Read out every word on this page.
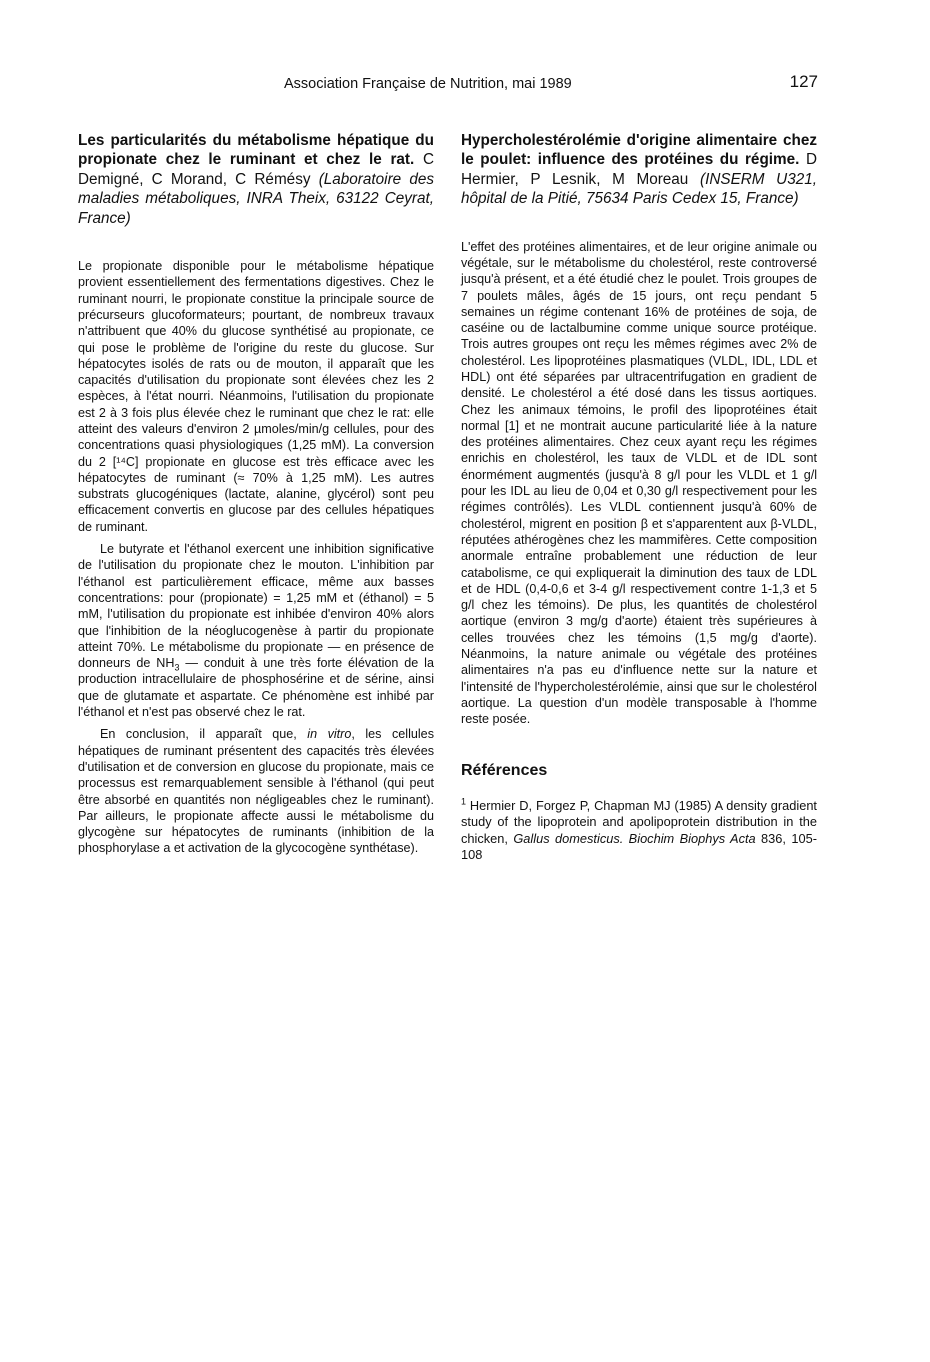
Association Française de Nutrition, mai 1989	127

Les particularités du métabolisme hépatique du propionate chez le ruminant et chez le rat. C Demigné, C Morand, C Rémésy (Laboratoire des maladies métaboliques, INRA Theix, 63122 Ceyrat, France)

Le propionate disponible pour le métabolisme hépatique provient essentiellement des fermentations digestives. Chez le ruminant nourri, le propionate constitue la principale source de précurseurs glucoformateurs; pourtant, de nombreux travaux n'attribuent que 40% du glucose synthétisé au propionate, ce qui pose le problème de l'origine du reste du glucose. Sur hépatocytes isolés de rats ou de mouton, il apparaît que les capacités d'utilisation du propionate sont élevées chez les 2 espèces, à l'état nourri. Néanmoins, l'utilisation du propionate est 2 à 3 fois plus élevée chez le ruminant que chez le rat: elle atteint des valeurs d'environ 2 µmoles/min/g cellules, pour des concentrations quasi physiologiques (1,25 mM). La conversion du 2 [¹⁴C] propionate en glucose est très efficace avec les hépatocytes de ruminant (≈ 70% à 1,25 mM). Les autres substrats glucogéniques (lactate, alanine, glycérol) sont peu efficacement convertis en glucose par des cellules hépatiques de ruminant.

Le butyrate et l'éthanol exercent une inhibition significative de l'utilisation du propionate chez le mouton. L'inhibition par l'éthanol est particulièrement efficace, même aux basses concentrations: pour (propionate) = 1,25 mM et (éthanol) = 5 mM, l'utilisation du propionate est inhibée d'environ 40% alors que l'inhibition de la néoglucogenèse à partir du propionate atteint 70%. Le métabolisme du propionate — en présence de donneurs de $NH_3$ — conduit à une très forte élévation de la production intracellulaire de phosphosérine et de sérine, ainsi que de glutamate et aspartate. Ce phénomène est inhibé par l'éthanol et n'est pas observé chez le rat.

En conclusion, il apparaît que, in vitro, les cellules hépatiques de ruminant présentent des capacités très élevées d'utilisation et de conversion en glucose du propionate, mais ce processus est remarquablement sensible à l'éthanol (qui peut être absorbé en quantités non négligeables chez le ruminant). Par ailleurs, le propionate affecte aussi le métabolisme du glycogène sur hépatocytes de ruminants (inhibition de la phosphorylase a et activation de la glycocogène synthétase).

Hypercholestérolémie d'origine alimentaire chez le poulet: influence des protéines du régime. D Hermier, P Lesnik, M Moreau (INSERM U321, hôpital de la Pitié, 75634 Paris Cedex 15, France)

L'effet des protéines alimentaires, et de leur origine animale ou végétale, sur le métabolisme du cholestérol, reste controversé jusqu'à présent, et a été étudié chez le poulet. Trois groupes de 7 poulets mâles, âgés de 15 jours, ont reçu pendant 5 semaines un régime contenant 16% de protéines de soja, de caséine ou de lactalbumine comme unique source protéique. Trois autres groupes ont reçu les mêmes régimes avec 2% de cholestérol. Les lipoprotéines plasmatiques (VLDL, IDL, LDL et HDL) ont été séparées par ultracentrifugation en gradient de densité. Le cholestérol a été dosé dans les tissus aortiques. Chez les animaux témoins, le profil des lipoprotéines était normal [1] et ne montrait aucune particularité liée à la nature des protéines alimentaires. Chez ceux ayant reçu les régimes enrichis en cholestérol, les taux de VLDL et de IDL sont énormément augmentés (jusqu'à 8 g/l pour les VLDL et 1 g/l pour les IDL au lieu de 0,04 et 0,30 g/l respectivement pour les régimes contrôlés). Les VLDL contiennent jusqu'à 60% de cholestérol, migrent en position β et s'apparentent aux β-VLDL, réputées athérogènes chez les mammifères. Cette composition anormale entraîne probablement une réduction de leur catabolisme, ce qui expliquerait la diminution des taux de LDL et de HDL (0,4-0,6 et 3-4 g/l respectivement contre 1-1,3 et 5 g/l chez les témoins). De plus, les quantités de cholestérol aortique (environ 3 mg/g d'aorte) étaient très supérieures à celles trouvées chez les témoins (1,5 mg/g d'aorte). Néanmoins, la nature animale ou végétale des protéines alimentaires n'a pas eu d'influence nette sur la nature et l'intensité de l'hypercholestérolémie, ainsi que sur le cholestérol aortique. La question d'un modèle transposable à l'homme reste posée.

Références

$^1$ Hermier D, Forgez P, Chapman MJ (1985) A density gradient study of the lipoprotein and apolipoprotein distribution in the chicken, Gallus domesticus. Biochim Biophys Acta 836, 105-108
